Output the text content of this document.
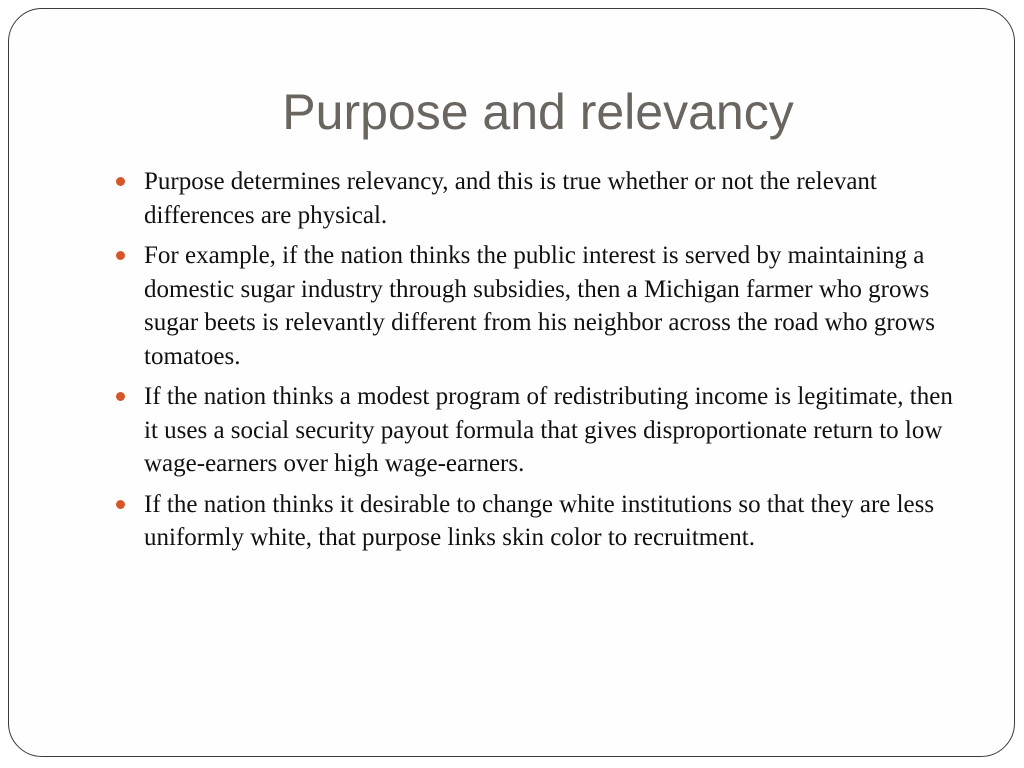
Purpose and relevancy
Purpose determines relevancy, and this is true whether or not the relevant differences are physical.
For example, if the nation thinks the public interest is served by maintaining a domestic sugar industry through subsidies, then a Michigan farmer who grows sugar beets is relevantly different from his neighbor across the road who grows tomatoes.
If the nation thinks a modest program of redistributing income is legitimate, then it uses a social security payout formula that gives disproportionate return to low wage-earners over high wage-earners.
If the nation thinks it desirable to change white institutions so that they are less uniformly white, that purpose links skin color to recruitment.
